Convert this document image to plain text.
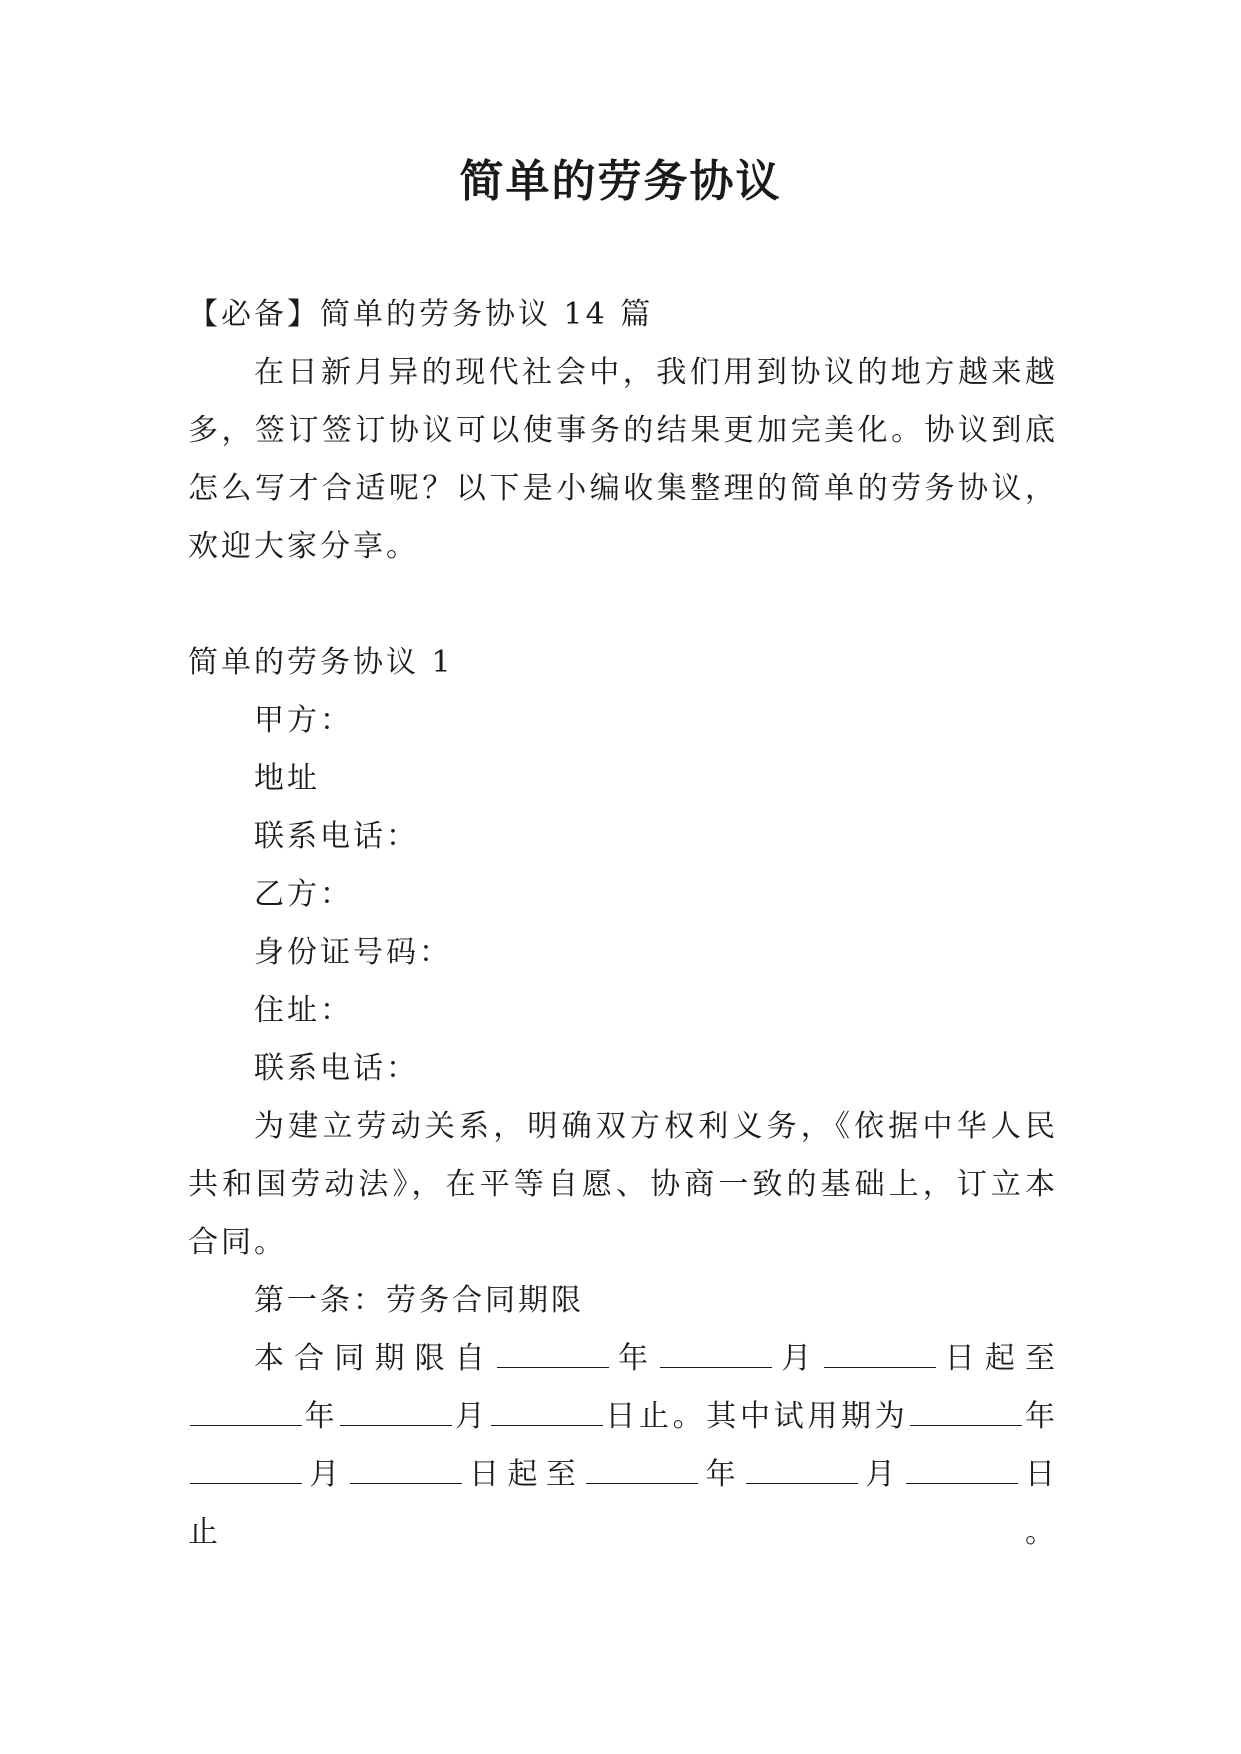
简单的劳务协议

【必备】简单的劳务协议 14 篇

在日新月异的现代社会中，我们用到协议的地方越来越多，签订签订协议可以使事务的结果更加完美化。协议到底怎么写才合适呢？以下是小编收集整理的简单的劳务协议，欢迎大家分享。

简单的劳务协议 1

甲方：

地址

联系电话：

乙方：

身份证号码：

住址：

联系电话：

为建立劳动关系，明确双方权利义务，《依据中华人民共和国劳动法》，在平等自愿、协商一致的基础上，订立本合同。

第一条：劳务合同期限

本合同期限自	年	月	日起至

年	月	日止。其中试用期为	年

月	日起至	年	月	日止。
